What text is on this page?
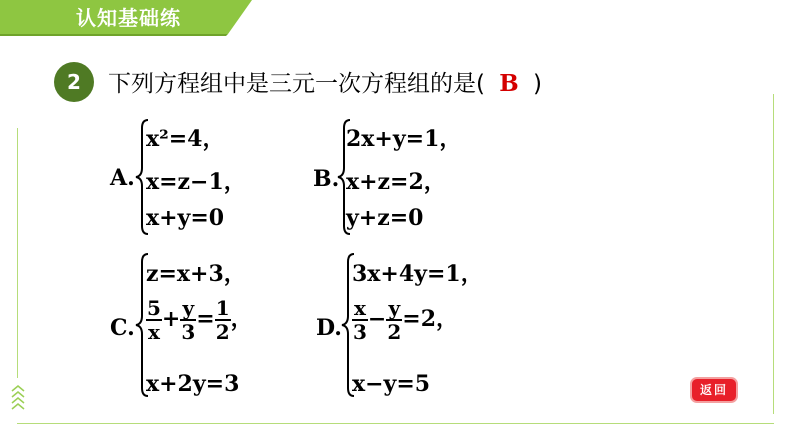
认知基础练
2	下列方程组中是三元一次方程组的是( B )
A.
x²=4，
x=z−1，
x+y=0
B.
2x+y=1，
x+z=2，
y+z=0
C.
z=x+3，
$\frac{5}{x} + \frac{y}{3} = \frac{1}{2}$ ，
x+2y=3
D.
3x+4y=1，
$\frac{x}{3} - \frac{y}{2} =2$，
x−y=5	返回
